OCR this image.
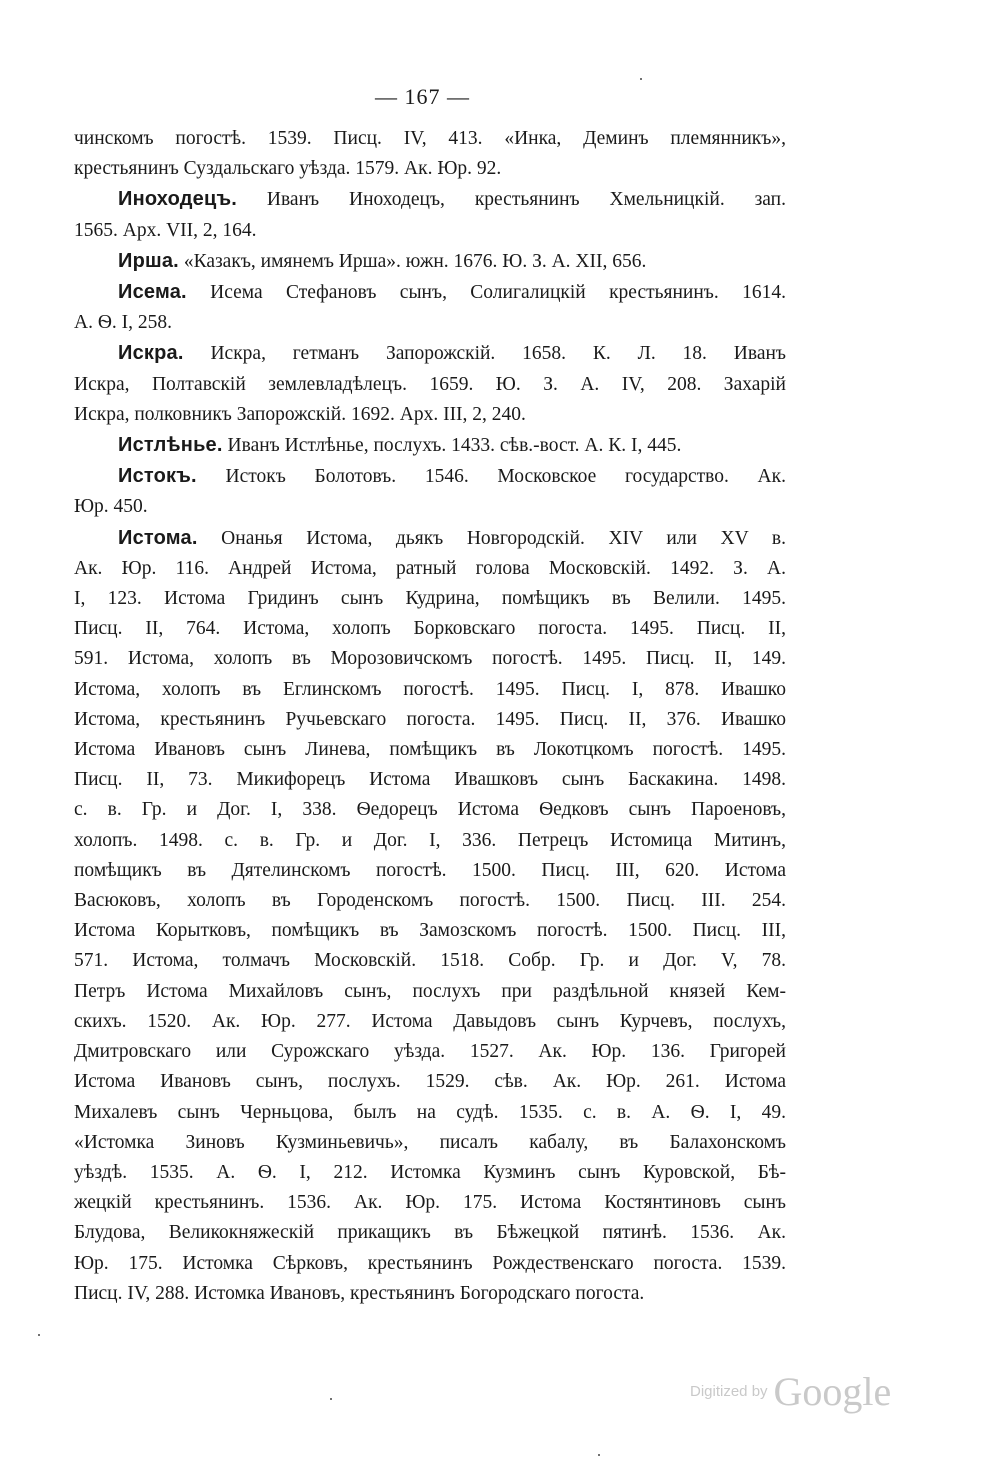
— 167 —
чинскомъ погостѣ. 1539. Писц. IV, 413. «Инка, Деминъ племянникъ»,
крестьянинъ Суздальскаго уѣзда. 1579. Ак. Юр. 92.
Иноходецъ. Иванъ Иноходецъ, крестьянинъ Хмельницкій. зап.
1565. Арх. VII, 2, 164.
Ирша. «Казакъ, имянемъ Ирша». южн. 1676. Ю. З. А. XII, 656.
Исема. Исема Стефановъ сынъ, Солигалицкій крестьянинъ. 1614.
А. Ѳ. I, 258.
Искра. Искра, гетманъ Запорожскій. 1658. К. Л. 18. Иванъ
Искра, Полтавскій землевладѣлецъ. 1659. Ю. З. А. IV, 208. Захарій
Искра, полковникъ Запорожскій. 1692. Арх. III, 2, 240.
Истлѣнье. Иванъ Истлѣнье, послухъ. 1433. сѣв.-вост. А. К. I, 445.
Истокъ. Истокъ Болотовъ. 1546. Московское государство. Ак.
Юр. 450.
Истома. Онанья Истома, дьякъ Новгородскій. XIV или XV в.
Ак. Юр. 116. Андрей Истома, ратный голова Московскій. 1492. З. А.
I, 123. Истома Гридинъ сынъ Кудрина, помѣщикъ въ Велили. 1495.
Писц. II, 764. Истома, холопъ Борковскаго погоста. 1495. Писц. II,
591. Истома, холопъ въ Морозовичскомъ погостѣ. 1495. Писц. II, 149.
Истома, холопъ въ Еглинскомъ погостѣ. 1495. Писц. I, 878. Ивашко
Истома, крестьянинъ Ручьевскаго погоста. 1495. Писц. II, 376. Ивашко
Истома Ивановъ сынъ Линева, помѣщикъ въ Локотцкомъ погостѣ. 1495.
Писц. II, 73. Микифорецъ Истома Ивашковъ сынъ Баскакина. 1498.
с. в. Гр. и Дог. I, 338. Ѳедорецъ Истома Ѳедковъ сынъ Пароеновъ,
холопъ. 1498. с. в. Гр. и Дог. I, 336. Петрецъ Истомица Митинъ,
помѣщикъ въ Дятелинскомъ погостѣ. 1500. Писц. III, 620. Истома
Васюковъ, холопъ въ Городенскомъ погостѣ. 1500. Писц. III. 254.
Истома Корытковъ, помѣщикъ въ Замозскомъ погостѣ. 1500. Писц. III,
571. Истома, толмачъ Московскій. 1518. Собр. Гр. и Дог. V, 78.
Петръ Истома Михайловъ сынъ, послухъ при раздѣльной князей Кем-
скихъ. 1520. Ак. Юр. 277. Истома Давыдовъ сынъ Курчевъ, послухъ,
Дмитровскаго или Сурожскаго уѣзда. 1527. Ак. Юр. 136. Григорей
Истома Ивановъ сынъ, послухъ. 1529. сѣв. Ак. Юр. 261. Истома
Михалевъ сынъ Черньцова, былъ на судѣ. 1535. с. в. А. Ѳ. I, 49.
«Истомка Зиновъ Кузминьевичь», писалъ кабалу, въ Балахонскомъ
уѣздѣ. 1535. А. Ѳ. I, 212. Истомка Кузминъ сынъ Куровской, Бѣ-
жецкій крестьянинъ. 1536. Ак. Юр. 175. Истома Костянтиновъ сынъ
Блудова, Великокняжескій прикащикъ въ Бѣжецкой пятинѣ. 1536. Ак.
Юр. 175. Истомка Сѣрковъ, крестьянинъ Рождественскаго погоста. 1539.
Писц. IV, 288. Истомка Ивановъ, крестьянинъ Богородскаго погоста.
Digitized by Google
